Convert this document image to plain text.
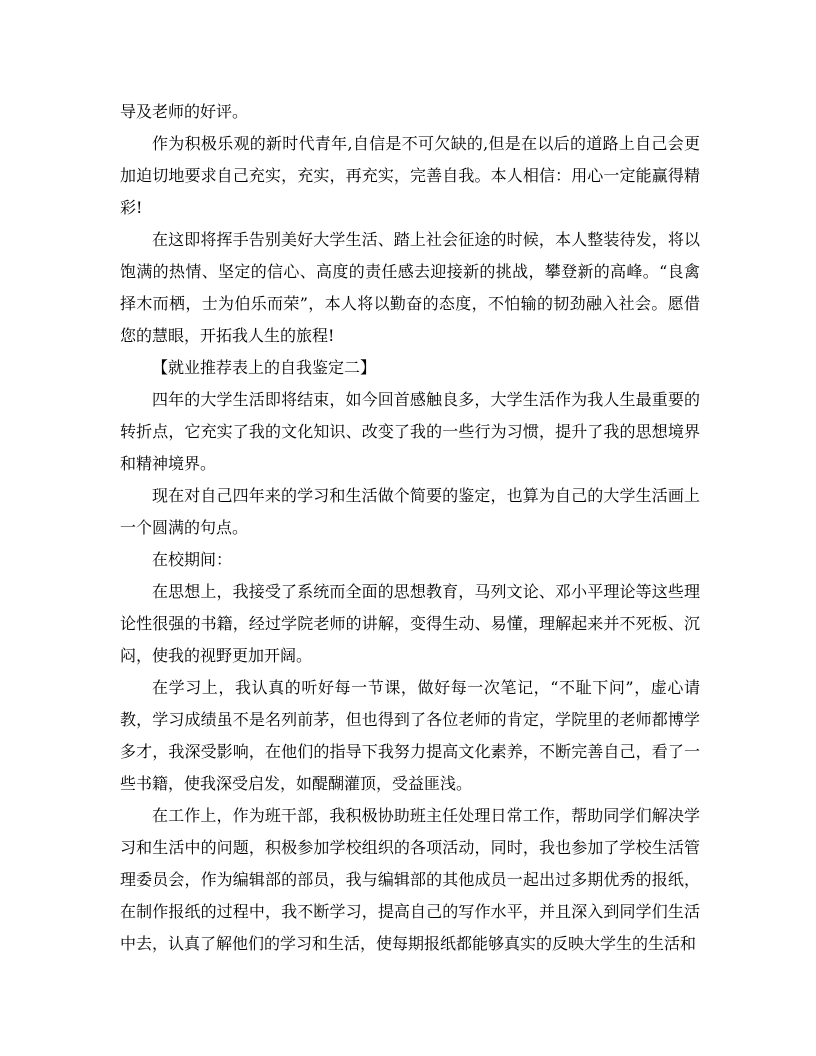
导及老师的好评。

作为积极乐观的新时代青年,自信是不可欠缺的,但是在以后的道路上自己会更加迫切地要求自己充实，充实，再充实，完善自我。本人相信：用心一定能赢得精彩!

在这即将挥手告别美好大学生活、踏上社会征途的时候，本人整装待发，将以饱满的热情、坚定的信心、高度的责任感去迎接新的挑战，攀登新的高峰。“良禽择木而栖，士为伯乐而荣”，本人将以勤奋的态度，不怕输的韧劲融入社会。愿借您的慧眼，开拓我人生的旅程!

【就业推荐表上的自我鉴定二】

四年的大学生活即将结束，如今回首感触良多，大学生活作为我人生最重要的转折点，它充实了我的文化知识、改变了我的一些行为习惯，提升了我的思想境界和精神境界。

现在对自己四年来的学习和生活做个简要的鉴定，也算为自己的大学生活画上一个圆满的句点。

在校期间：

在思想上，我接受了系统而全面的思想教育，马列文论、邓小平理论等这些理论性很强的书籍，经过学院老师的讲解，变得生动、易懂，理解起来并不死板、沉闷，使我的视野更加开阔。

在学习上，我认真的听好每一节课，做好每一次笔记，“不耻下问”，虚心请教，学习成绩虽不是名列前茅，但也得到了各位老师的肯定，学院里的老师都博学多才，我深受影响，在他们的指导下我努力提高文化素养，不断完善自己，看了一些书籍，使我深受启发，如醍醐灌顶，受益匪浅。

在工作上，作为班干部，我积极协助班主任处理日常工作，帮助同学们解决学习和生活中的问题，积极参加学校组织的各项活动，同时，我也参加了学校生活管理委员会，作为编辑部的部员，我与编辑部的其他成员一起出过多期优秀的报纸，在制作报纸的过程中，我不断学习，提高自己的写作水平，并且深入到同学们生活中去，认真了解他们的学习和生活，使每期报纸都能够真实的反映大学生的生活和
